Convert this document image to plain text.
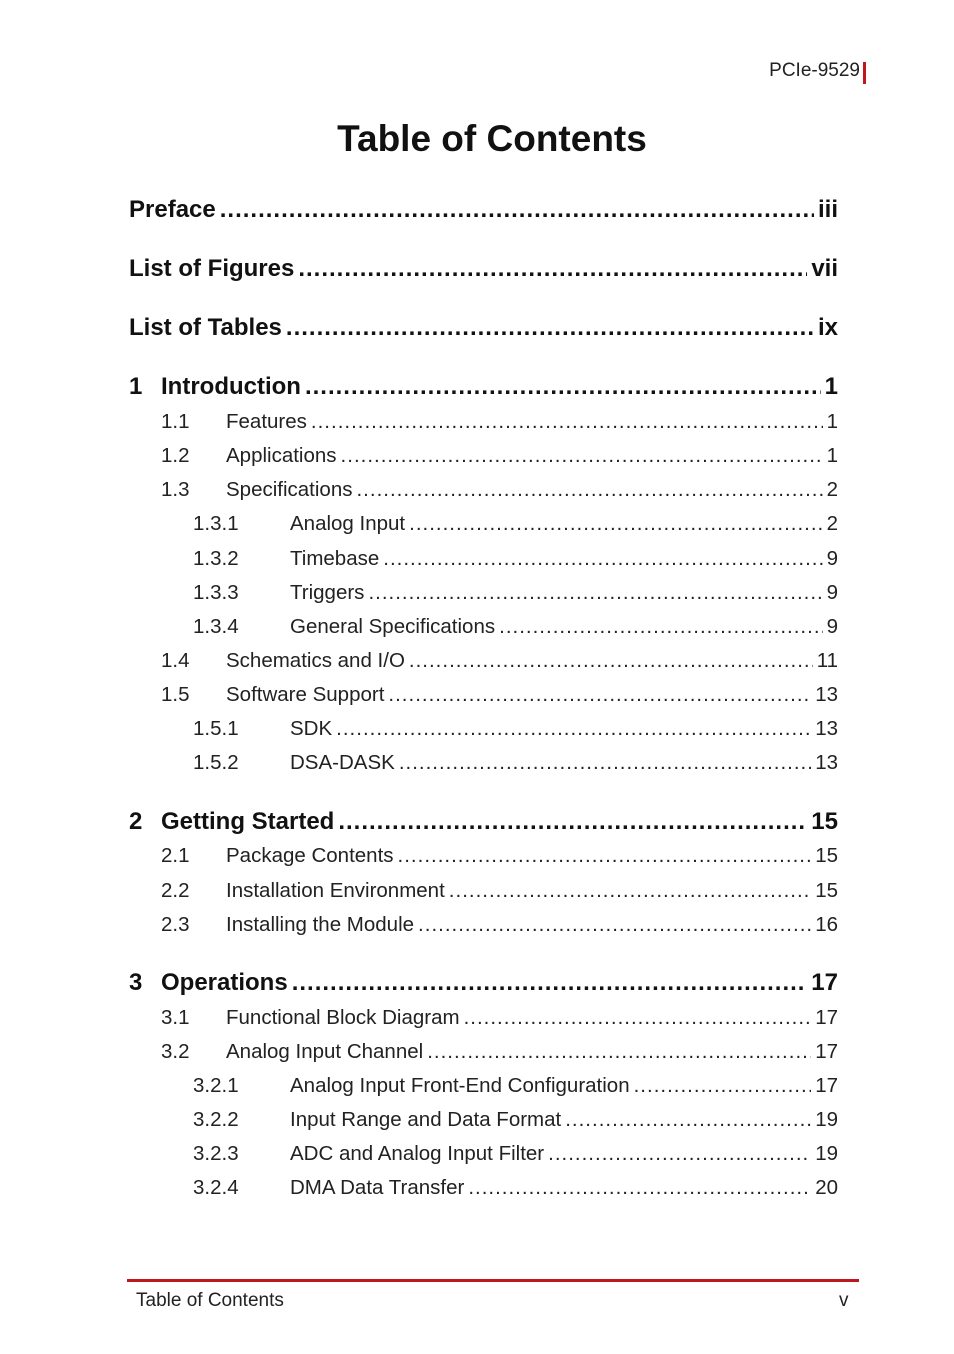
PCIe-9529
Table of Contents
Preface .....	iii
List of Figures .....	vii
List of Tables .....	ix
1 Introduction .....	1
1.1	Features .....	1
1.2	Applications .....	1
1.3	Specifications .....	2
1.3.1	Analog Input .....	2
1.3.2	Timebase .....	9
1.3.3	Triggers .....	9
1.3.4	General Specifications .....	9
1.4	Schematics and I/O .....	11
1.5	Software Support .....	13
1.5.1	SDK .....	13
1.5.2	DSA-DASK .....	13
2 Getting Started .....	15
2.1	Package Contents .....	15
2.2	Installation Environment .....	15
2.3	Installing the Module .....	16
3 Operations .....	17
3.1	Functional Block Diagram .....	17
3.2	Analog Input Channel .....	17
3.2.1	Analog Input Front-End Configuration .....	17
3.2.2	Input Range and Data Format .....	19
3.2.3	ADC and Analog Input Filter .....	19
3.2.4	DMA Data Transfer .....	20
Table of Contents	v
